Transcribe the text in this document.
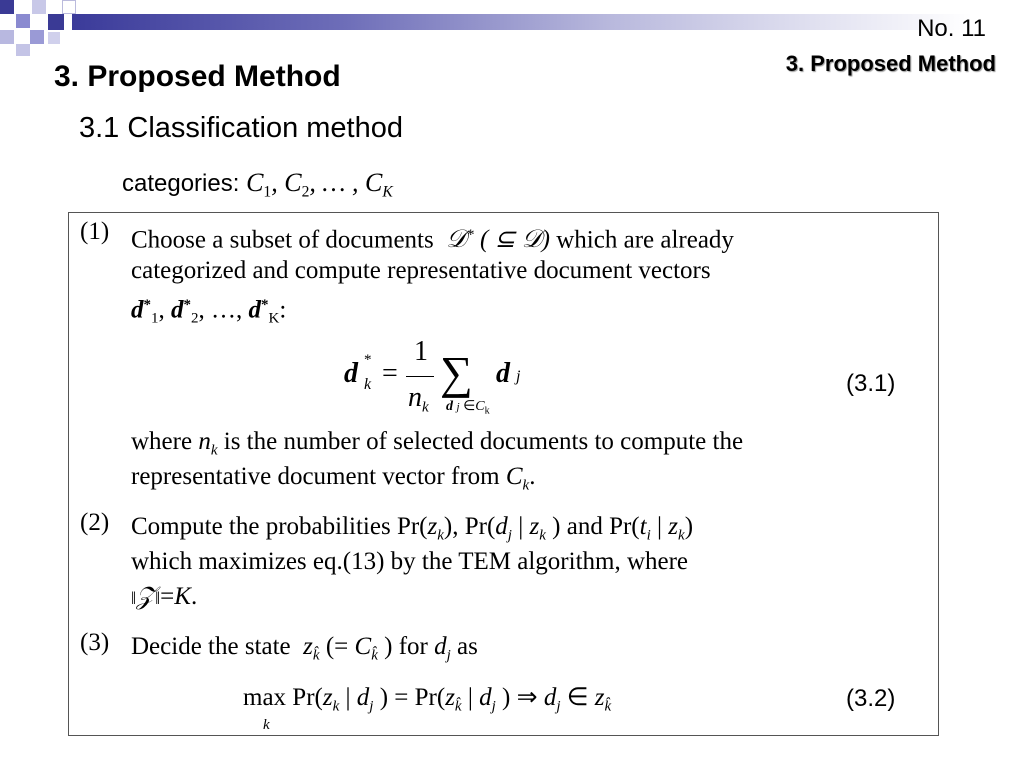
No. 11
3. Proposed Method
3. Proposed Method
3.1 Classification method
categories: $C_1$, $C_2$, … , $C_K$
(1) Choose a subset of documents  𝒟* ( ⊆ 𝒟) which are already
categorized and compute representative document vectors
$d^*_1$, $d^*_2$, …, $d^*_K$:
d *
k =
1
$n_k$
∑ d j
d j $\in C_k$
(3.1)
where $n_k$ is the number of selected documents to compute the
representative document vector from $C_k$.
(2) Compute the probabilities $Pr(z_k)$, $Pr(d_j$ | $z_k$ ) and $Pr(t_i$ | $z_k$)
which maximizes eq.(13) by the TEM algorithm, where
‖𝒵‖=K.
(3) Decide the state $z_{k̂}$ (= $C_{k̂}$ ) for $d_j$ as
max
k
$Pr(z_k$ | $d_j$ ) = $Pr(z_{k̂}$ | $d_j$ ) ⇒ $d_j$ ∈ $z_{k̂}$	(3.2)
